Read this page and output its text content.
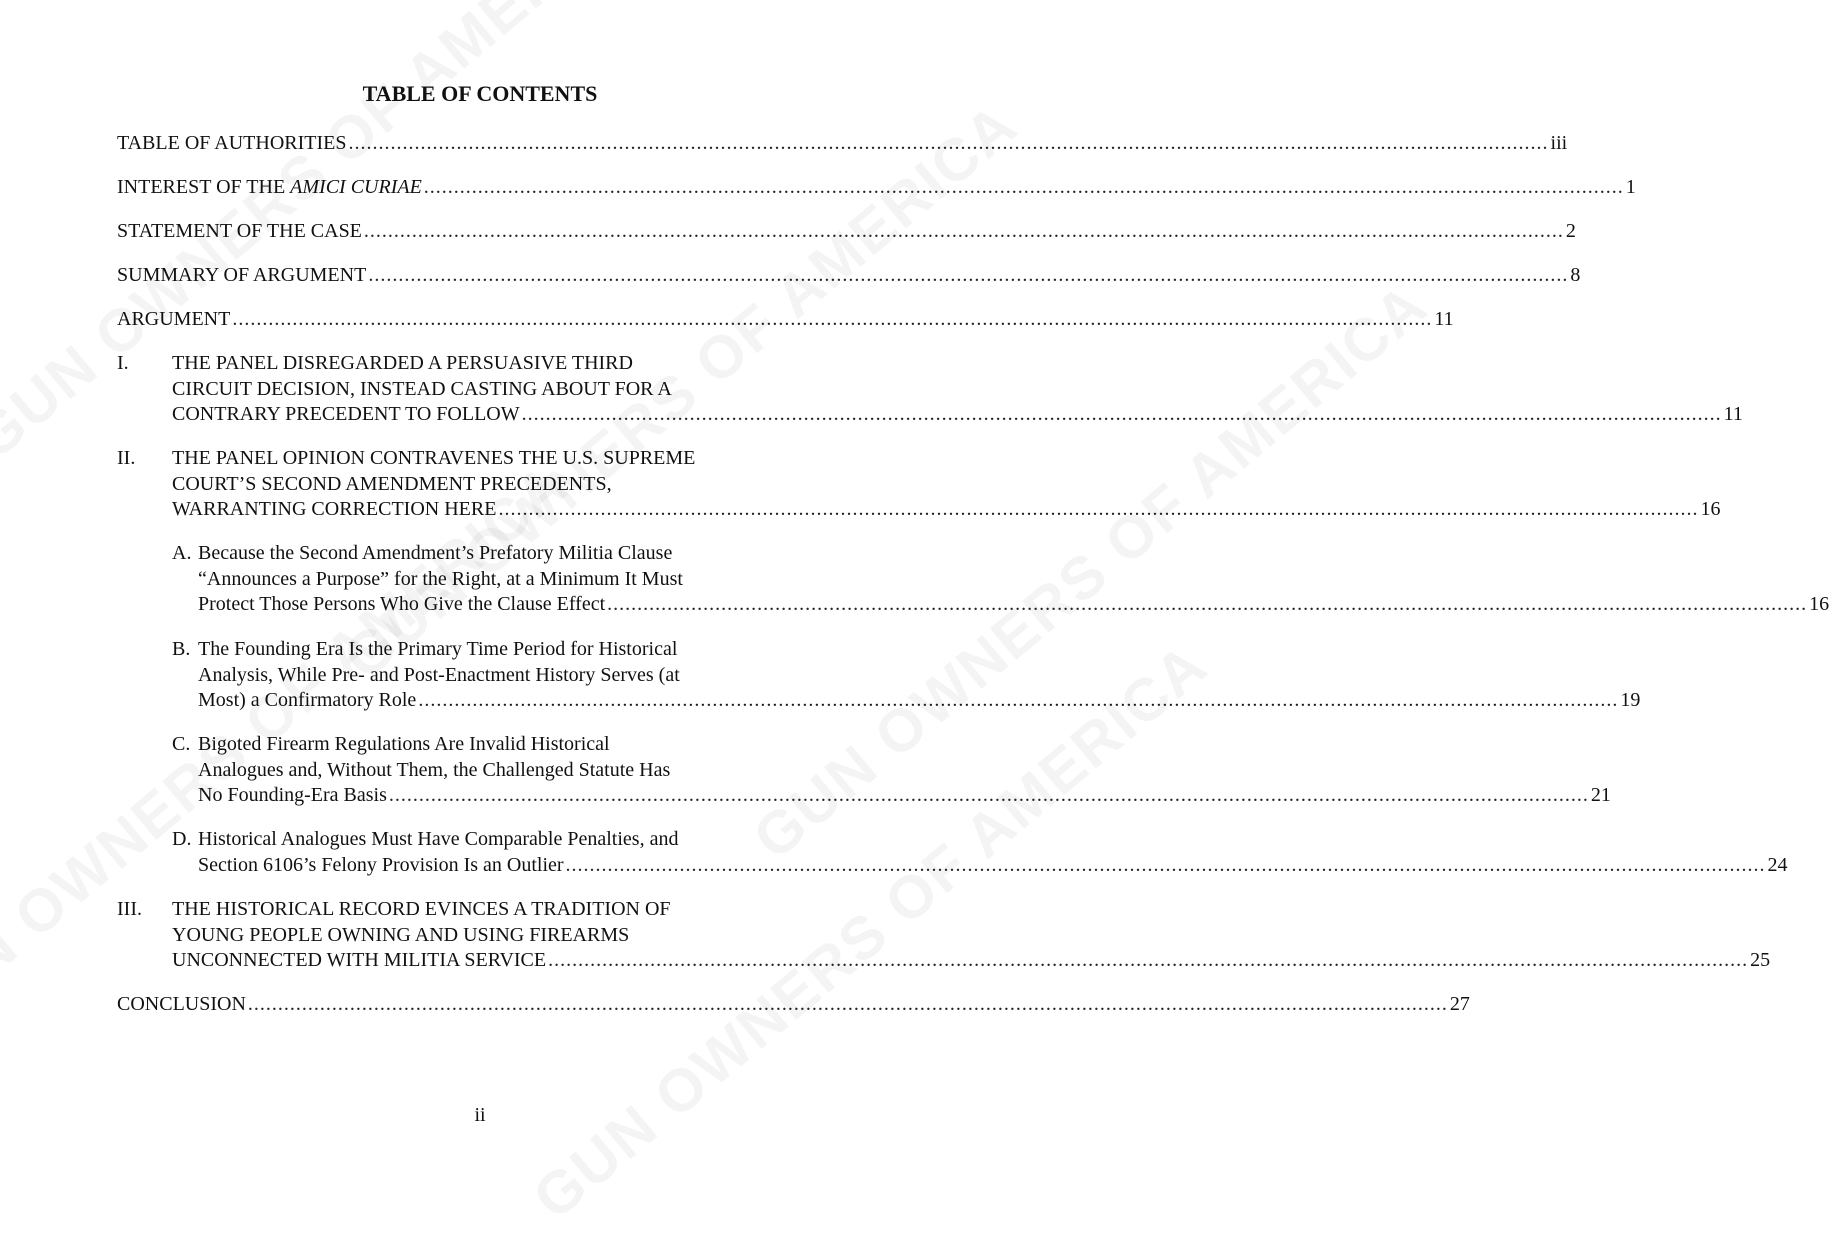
TABLE OF CONTENTS
TABLE OF AUTHORITIES ........................................................................................................................................................................................................ iii
INTEREST OF THE AMICI CURIAE ........................................................................................................................................................................................................ 1
STATEMENT OF THE CASE ........................................................................................................................................................................................................ 2
SUMMARY OF ARGUMENT ........................................................................................................................................................................................................ 8
ARGUMENT ........................................................................................................................................................................................................ 11
I. THE PANEL DISREGARDED A PERSUASIVE THIRD
CIRCUIT DECISION, INSTEAD CASTING ABOUT FOR A
CONTRARY PRECEDENT TO FOLLOW ........................................................................................................................................................................................................ 11
II. THE PANEL OPINION CONTRAVENES THE U.S. SUPREME
COURT’S SECOND AMENDMENT PRECEDENTS,
WARRANTING CORRECTION HERE ........................................................................................................................................................................................................ 16
A. Because the Second Amendment’s Prefatory Militia Clause
“Announces a Purpose” for the Right, at a Minimum It Must
Protect Those Persons Who Give the Clause Effect ........................................................................................................................................................................................................ 16
B. The Founding Era Is the Primary Time Period for Historical
Analysis, While Pre- and Post-Enactment History Serves (at
Most) a Confirmatory Role ........................................................................................................................................................................................................ 19
C. Bigoted Firearm Regulations Are Invalid Historical
Analogues and, Without Them, the Challenged Statute Has
No Founding-Era Basis ........................................................................................................................................................................................................ 21
D. Historical Analogues Must Have Comparable Penalties, and
Section 6106’s Felony Provision Is an Outlier ........................................................................................................................................................................................................ 24
III. THE HISTORICAL RECORD EVINCES A TRADITION OF
YOUNG PEOPLE OWNING AND USING FIREARMS
UNCONNECTED WITH MILITIA SERVICE ........................................................................................................................................................................................................ 25
CONCLUSION ........................................................................................................................................................................................................ 27
ii
